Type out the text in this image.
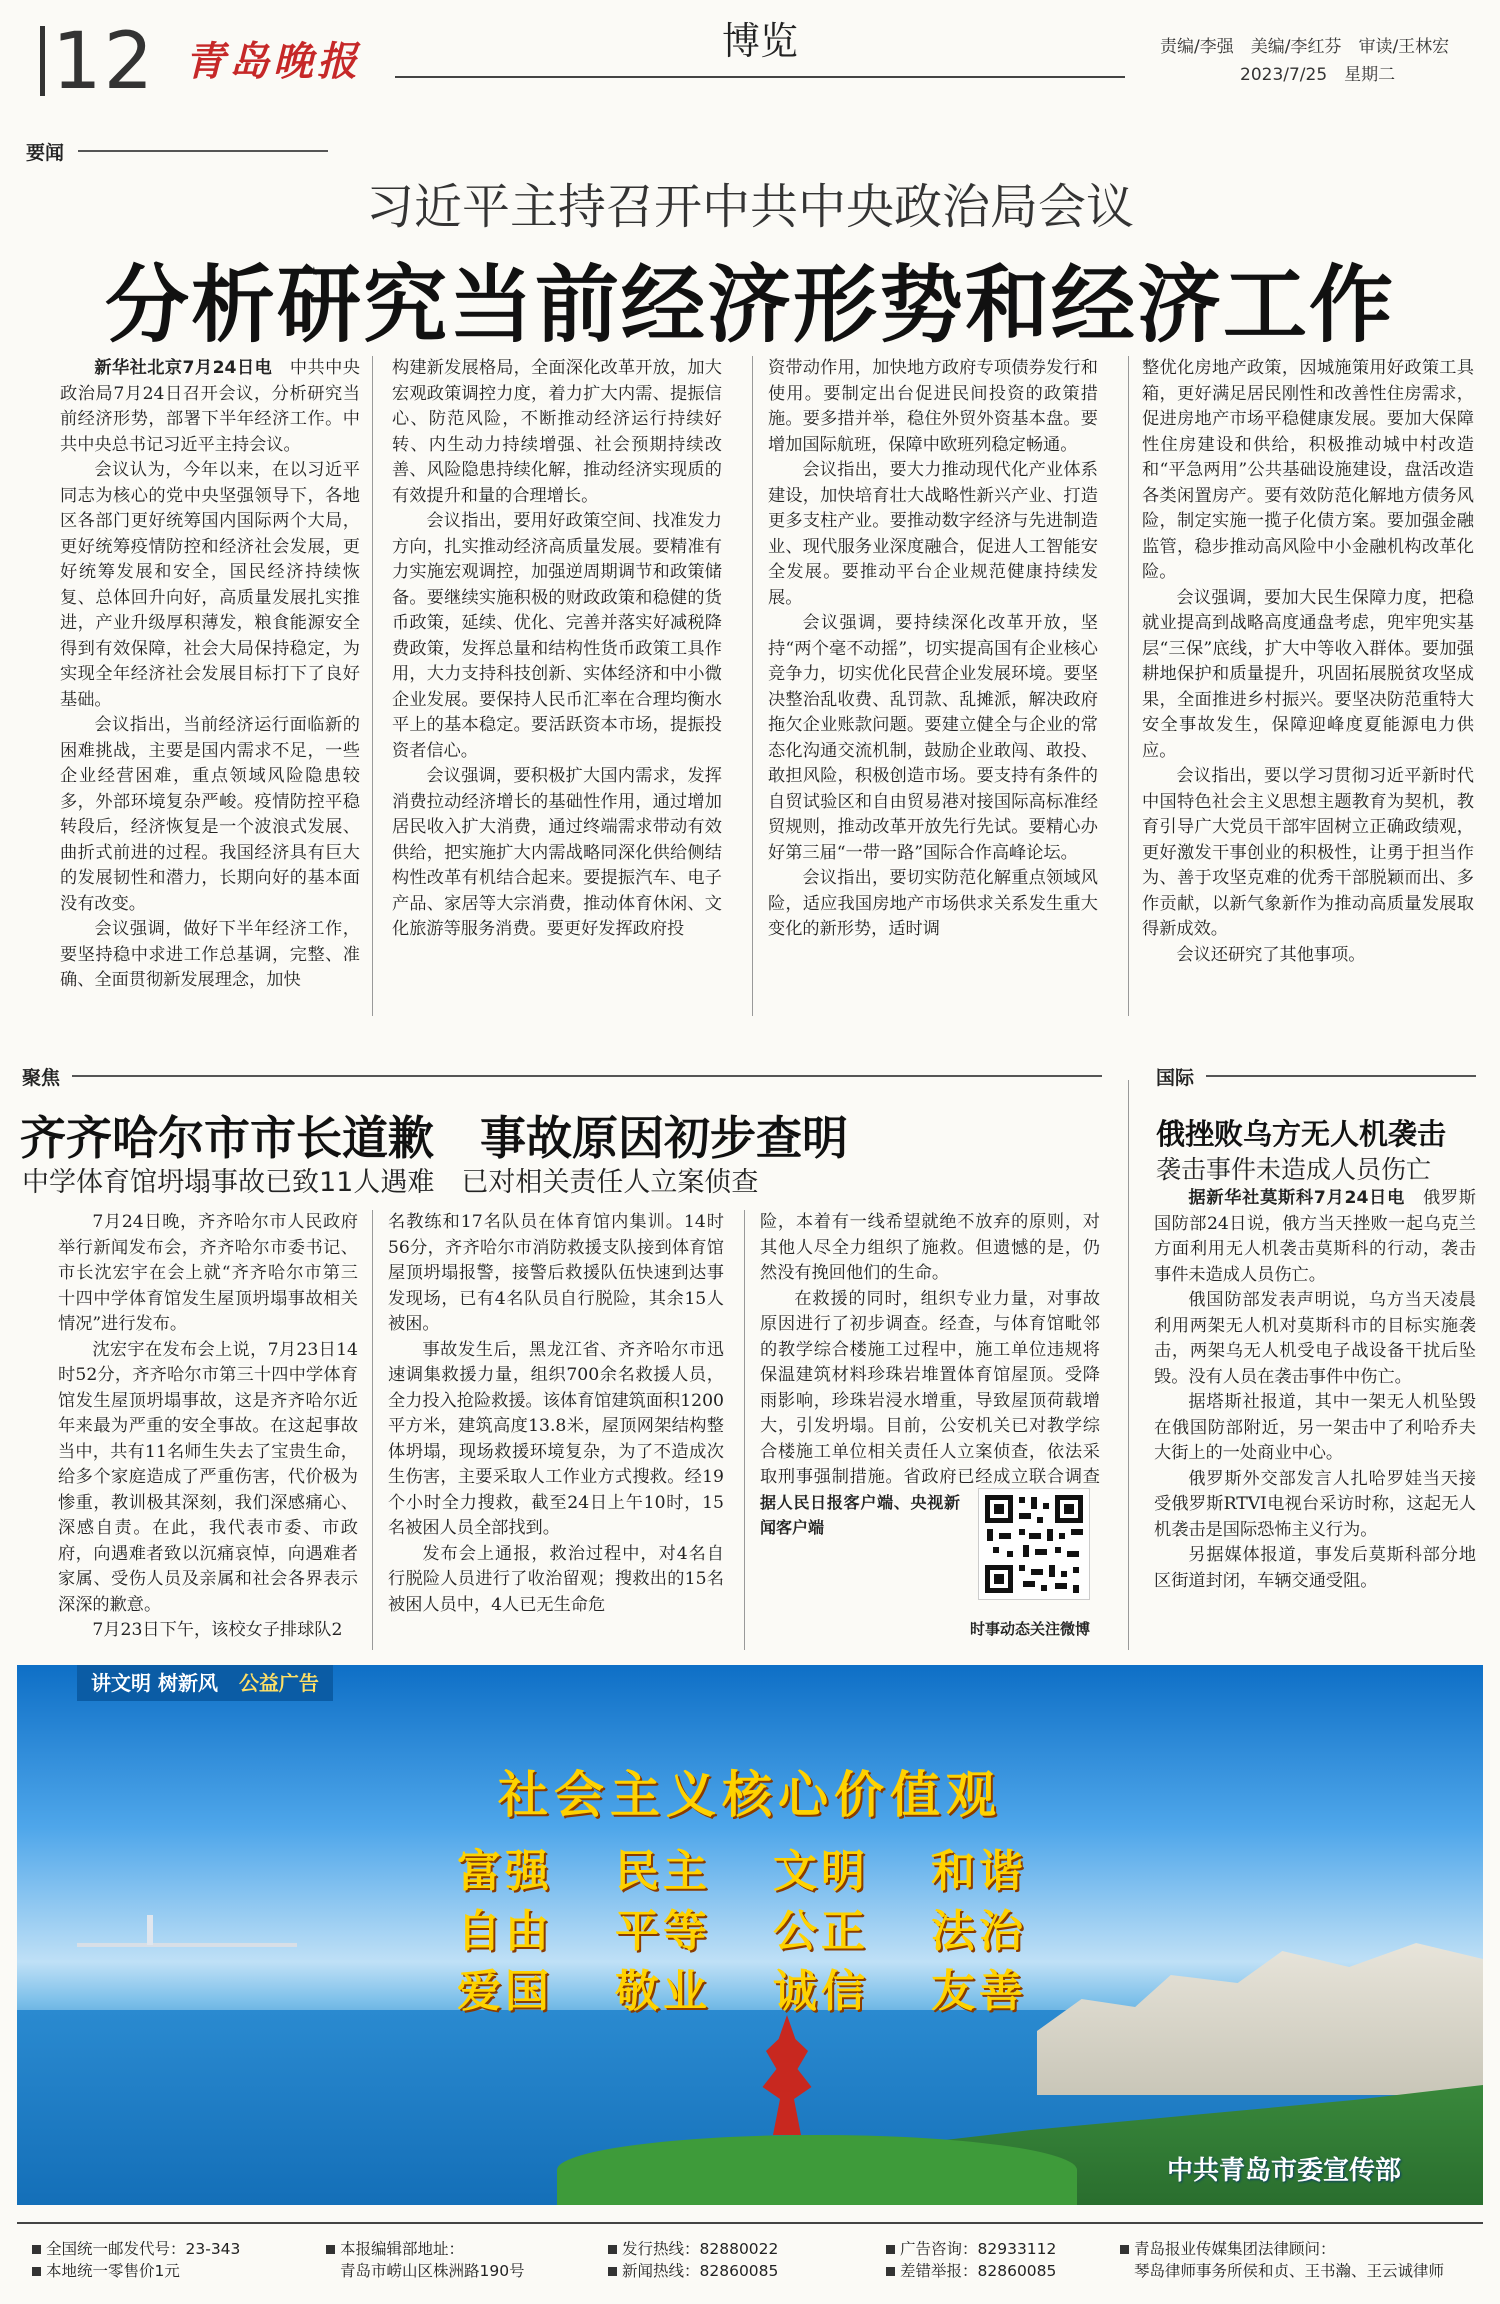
12 青岛晚报	博览	责编/李强　美编/李红芬　审读/王林宏
2023/7/25　星期二
要闻
习近平主持召开中共中央政治局会议
分析研究当前经济形势和经济工作

新华社北京7月24日电　 中共中央政治局7月24日召开会议，分析研究当前经济形势，部署下半年经济工作。中共中央总书记习近平主持会议。

会议认为，今年以来，在以习近平同志为核心的党中央坚强领导下，各地区各部门更好统筹国内国际两个大局，更好统筹疫情防控和经济社会发展，更好统筹发展和安全，国民经济持续恢复、总体回升向好，高质量发展扎实推进，产业升级厚积薄发，粮食能源安全得到有效保障，社会大局保持稳定，为实现全年经济社会发展目标打下了良好基础。

会议指出，当前经济运行面临新的困难挑战，主要是国内需求不足，一些企业经营困难，重点领域风险隐患较多，外部环境复杂严峻。疫情防控平稳转段后，经济恢复是一个波浪式发展、曲折式前进的过程。我国经济具有巨大的发展韧性和潜力，长期向好的基本面没有改变。

会议强调，做好下半年经济工作，要坚持稳中求进工作总基调，完整、准确、全面贯彻新发展理念，加快

构建新发展格局，全面深化改革开放，加大宏观政策调控力度，着力扩大内需、提振信心、防范风险，不断推动经济运行持续好转、内生动力持续增强、社会预期持续改善、风险隐患持续化解，推动经济实现质的有效提升和量的合理增长。

会议指出，要用好政策空间、找准发力方向，扎实推动经济高质量发展。要精准有力实施宏观调控，加强逆周期调节和政策储备。要继续实施积极的财政政策和稳健的货币政策，延续、优化、完善并落实好减税降费政策，发挥总量和结构性货币政策工具作用，大力支持科技创新、实体经济和中小微企业发展。要保持人民币汇率在合理均衡水平上的基本稳定。要活跃资本市场，提振投资者信心。

会议强调，要积极扩大国内需求，发挥消费拉动经济增长的基础性作用，通过增加居民收入扩大消费，通过终端需求带动有效供给，把实施扩大内需战略同深化供给侧结构性改革有机结合起来。要提振汽车、电子产品、家居等大宗消费，推动体育休闲、文化旅游等服务消费。要更好发挥政府投

资带动作用，加快地方政府专项债券发行和使用。要制定出台促进民间投资的政策措施。要多措并举，稳住外贸外资基本盘。要增加国际航班，保障中欧班列稳定畅通。

会议指出，要大力推动现代化产业体系建设，加快培育壮大战略性新兴产业、打造更多支柱产业。要推动数字经济与先进制造业、现代服务业深度融合，促进人工智能安全发展。要推动平台企业规范健康持续发展。

会议强调，要持续深化改革开放，坚持“两个毫不动摇”，切实提高国有企业核心竞争力，切实优化民营企业发展环境。要坚决整治乱收费、乱罚款、乱摊派，解决政府拖欠企业账款问题。要建立健全与企业的常态化沟通交流机制，鼓励企业敢闯、敢投、敢担风险，积极创造市场。要支持有条件的自贸试验区和自由贸易港对接国际高标准经贸规则，推动改革开放先行先试。要精心办好第三届“一带一路”国际合作高峰论坛。

会议指出，要切实防范化解重点领域风险，适应我国房地产市场供求关系发生重大变化的新形势，适时调

整优化房地产政策，因城施策用好政策工具箱，更好满足居民刚性和改善性住房需求，促进房地产市场平稳健康发展。要加大保障性住房建设和供给，积极推动城中村改造和“平急两用”公共基础设施建设，盘活改造各类闲置房产。要有效防范化解地方债务风险，制定实施一揽子化债方案。要加强金融监管，稳步推动高风险中小金融机构改革化险。

会议强调，要加大民生保障力度，把稳就业提高到战略高度通盘考虑，兜牢兜实基层“三保”底线，扩大中等收入群体。要加强耕地保护和质量提升，巩固拓展脱贫攻坚成果，全面推进乡村振兴。要坚决防范重特大安全事故发生，保障迎峰度夏能源电力供应。

会议指出，要以学习贯彻习近平新时代中国特色社会主义思想主题教育为契机，教育引导广大党员干部牢固树立正确政绩观，更好激发干事创业的积极性，让勇于担当作为、善于攻坚克难的优秀干部脱颖而出、多作贡献，以新气象新作为推动高质量发展取得新成效。

会议还研究了其他事项。

聚焦
齐齐哈尔市市长道歉　事故原因初步查明
中学体育馆坍塌事故已致11人遇难　已对相关责任人立案侦查

7月24日晚，齐齐哈尔市人民政府举行新闻发布会，齐齐哈尔市委书记、市长沈宏宇在会上就“齐齐哈尔市第三十四中学体育馆发生屋顶坍塌事故相关情况”进行发布。

沈宏宇在发布会上说，7月23日14时52分，齐齐哈尔市第三十四中学体育馆发生屋顶坍塌事故，这是齐齐哈尔近年来最为严重的安全事故。在这起事故当中，共有11名师生失去了宝贵生命，给多个家庭造成了严重伤害，代价极为惨重，教训极其深刻，我们深感痛心、深感自责。在此，我代表市委、市政府，向遇难者致以沉痛哀悼，向遇难者家属、受伤人员及亲属和社会各界表示深深的歉意。

7月23日下午，该校女子排球队2

名教练和17名队员在体育馆内集训。14时56分，齐齐哈尔市消防救援支队接到体育馆屋顶坍塌报警，接警后救援队伍快速到达事发现场，已有4名队员自行脱险，其余15人被困。

事故发生后，黑龙江省、齐齐哈尔市迅速调集救援力量，组织700余名救援人员，全力投入抢险救援。该体育馆建筑面积1200平方米，建筑高度13.8米，屋顶网架结构整体坍塌，现场救援环境复杂，为了不造成次生伤害，主要采取人工作业方式搜救。经19个小时全力搜救，截至24日上午10时，15名被困人员全部找到。

发布会上通报，救治过程中，对4名自行脱险人员进行了收治留观；搜救出的15名被困人员中，4人已无生命危

险，本着有一线希望就绝不放弃的原则，对其他人尽全力组织了施救。但遗憾的是，仍然没有挽回他们的生命。

在救援的同时，组织专业力量，对事故原因进行了初步调查。经查，与体育馆毗邻的教学综合楼施工过程中，施工单位违规将保温建筑材料珍珠岩堆置体育馆屋顶。受降雨影响，珍珠岩浸水增重，导致屋顶荷载增大，引发坍塌。目前，公安机关已对教学综合楼施工单位相关责任人立案侦查，依法采取刑事强制措施。省政府已经成立联合调查

据人民日报客户端、央视新闻客户端

时事动态关注微博
国际
俄挫败乌方无人机袭击
袭击事件未造成人员伤亡

据新华社莫斯科7月24日电　 俄罗斯国防部24日说，俄方当天挫败一起乌克兰方面利用无人机袭击莫斯科的行动，袭击事件未造成人员伤亡。

俄国防部发表声明说，乌方当天凌晨利用两架无人机对莫斯科市的目标实施袭击，两架乌无人机受电子战设备干扰后坠毁。没有人员在袭击事件中伤亡。

据塔斯社报道，其中一架无人机坠毁在俄国防部附近，另一架击中了利哈乔夫大街上的一处商业中心。

俄罗斯外交部发言人扎哈罗娃当天接受俄罗斯RTVI电视台采访时称，这起无人机袭击是国际恐怖主义行为。

另据媒体报道，事发后莫斯科部分地区街道封闭，车辆交通受阻。

讲文明 树新风 公益广告
社会主义核心价值观
富强	民主	文明	和谐
自由	平等	公正	法治
爱国	敬业	诚信	友善
中共青岛市委宣传部
全国统一邮发代号：23-343
本地统一零售价1元
本报编辑部地址：
青岛市崂山区株洲路190号
发行热线：82880022
新闻热线：82860085
广告咨询：82933112
差错举报：82860085
青岛报业传媒集团法律顾问：
琴岛律师事务所侯和贞、王书瀚、王云诚律师
